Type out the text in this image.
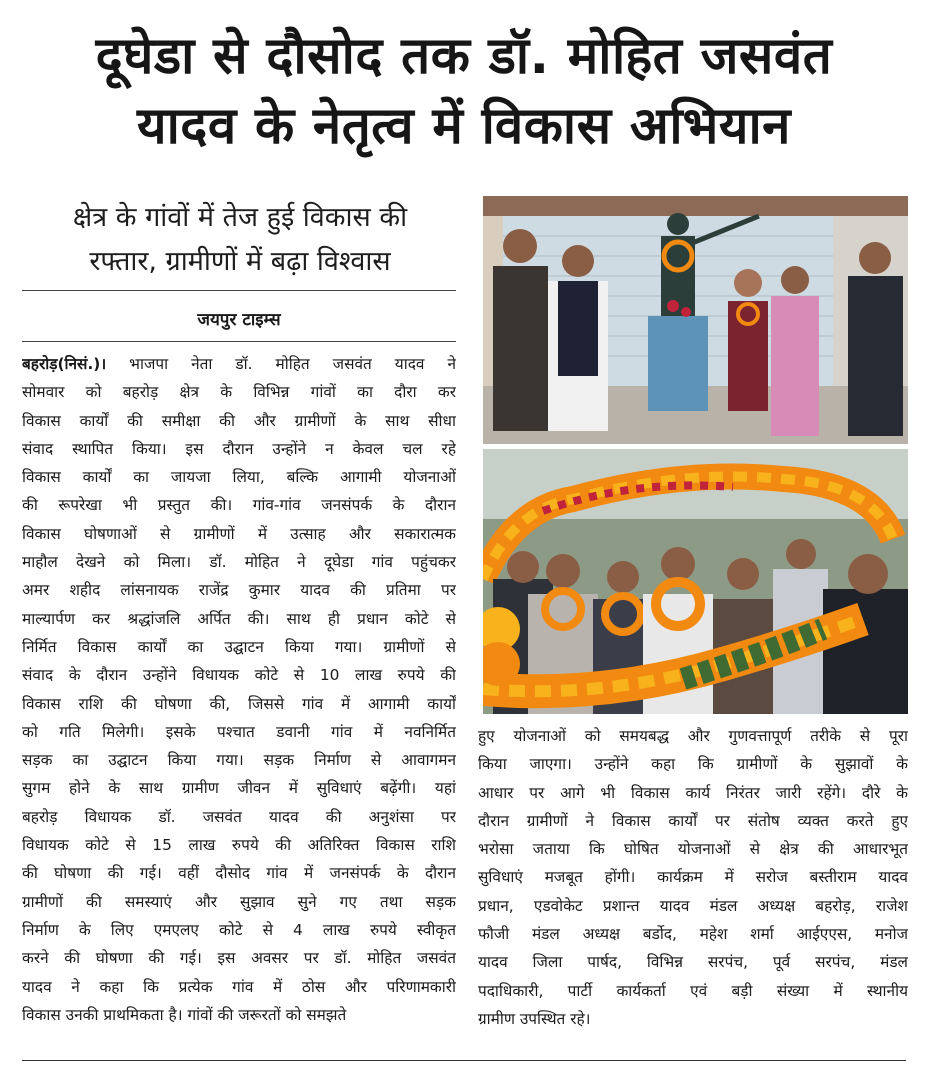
दूघेडा से दौसोद तक डॉ. मोहित जसवंत
यादव के नेतृत्व में विकास अभियान
क्षेत्र के गांवों में तेज हुई विकास की
रफ्तार, ग्रामीणों में बढ़ा विश्वास
जयपुर टाइम्स
बहरोड़(निसं.)। भाजपा नेता डॉ. मोहित जसवंत यादव ने
सोमवार को बहरोड़ क्षेत्र के विभिन्न गांवों का दौरा कर
विकास कार्यों की समीक्षा की और ग्रामीणों के साथ सीधा
संवाद स्थापित किया। इस दौरान उन्होंने न केवल चल रहे
विकास कार्यों का जायजा लिया, बल्कि आगामी योजनाओं
की रूपरेखा भी प्रस्तुत की। गांव-गांव जनसंपर्क के दौरान
विकास घोषणाओं से ग्रामीणों में उत्साह और सकारात्मक
माहौल देखने को मिला। डॉ. मोहित ने दूघेडा गांव पहुंचकर
अमर शहीद लांसनायक राजेंद्र कुमार यादव की प्रतिमा पर
माल्यार्पण कर श्रद्धांजलि अर्पित की। साथ ही प्रधान कोटे से
निर्मित विकास कार्यों का उद्घाटन किया गया। ग्रामीणों से
संवाद के दौरान उन्होंने विधायक कोटे से 10 लाख रुपये की
विकास राशि की घोषणा की, जिससे गांव में आगामी कार्यों
को गति मिलेगी। इसके पश्चात डवानी गांव में नवनिर्मित
सड़क का उद्घाटन किया गया। सड़क निर्माण से आवागमन
सुगम होने के साथ ग्रामीण जीवन में सुविधाएं बढ़ेंगी। यहां
बहरोड़ विधायक डॉ. जसवंत यादव की अनुशंसा पर
विधायक कोटे से 15 लाख रुपये की अतिरिक्त विकास राशि
की घोषणा की गई। वहीं दौसोद गांव में जनसंपर्क के दौरान
ग्रामीणों की समस्याएं और सुझाव सुने गए तथा सड़क
निर्माण के लिए एमएलए कोटे से 4 लाख रुपये स्वीकृत
करने की घोषणा की गई। इस अवसर पर डॉ. मोहित जसवंत
यादव ने कहा कि प्रत्येक गांव में ठोस और परिणामकारी
विकास उनकी प्राथमिकता है। गांवों की जरूरतों को समझते
हुए योजनाओं को समयबद्ध और गुणवत्तापूर्ण तरीके से पूरा
किया जाएगा। उन्होंने कहा कि ग्रामीणों के सुझावों के
आधार पर आगे भी विकास कार्य निरंतर जारी रहेंगे। दौरे के
दौरान ग्रामीणों ने विकास कार्यों पर संतोष व्यक्त करते हुए
भरोसा जताया कि घोषित योजनाओं से क्षेत्र की आधारभूत
सुविधाएं मजबूत होंगी। कार्यक्रम में सरोज बस्तीराम यादव
प्रधान, एडवोकेट प्रशान्त यादव मंडल अध्यक्ष बहरोड़, राजेश
फौजी मंडल अध्यक्ष बर्डोद, महेश शर्मा आईएएस, मनोज
यादव जिला पार्षद, विभिन्न सरपंच, पूर्व सरपंच, मंडल
पदाधिकारी, पार्टी कार्यकर्ता एवं बड़ी संख्या में स्थानीय
ग्रामीण उपस्थित रहे।
